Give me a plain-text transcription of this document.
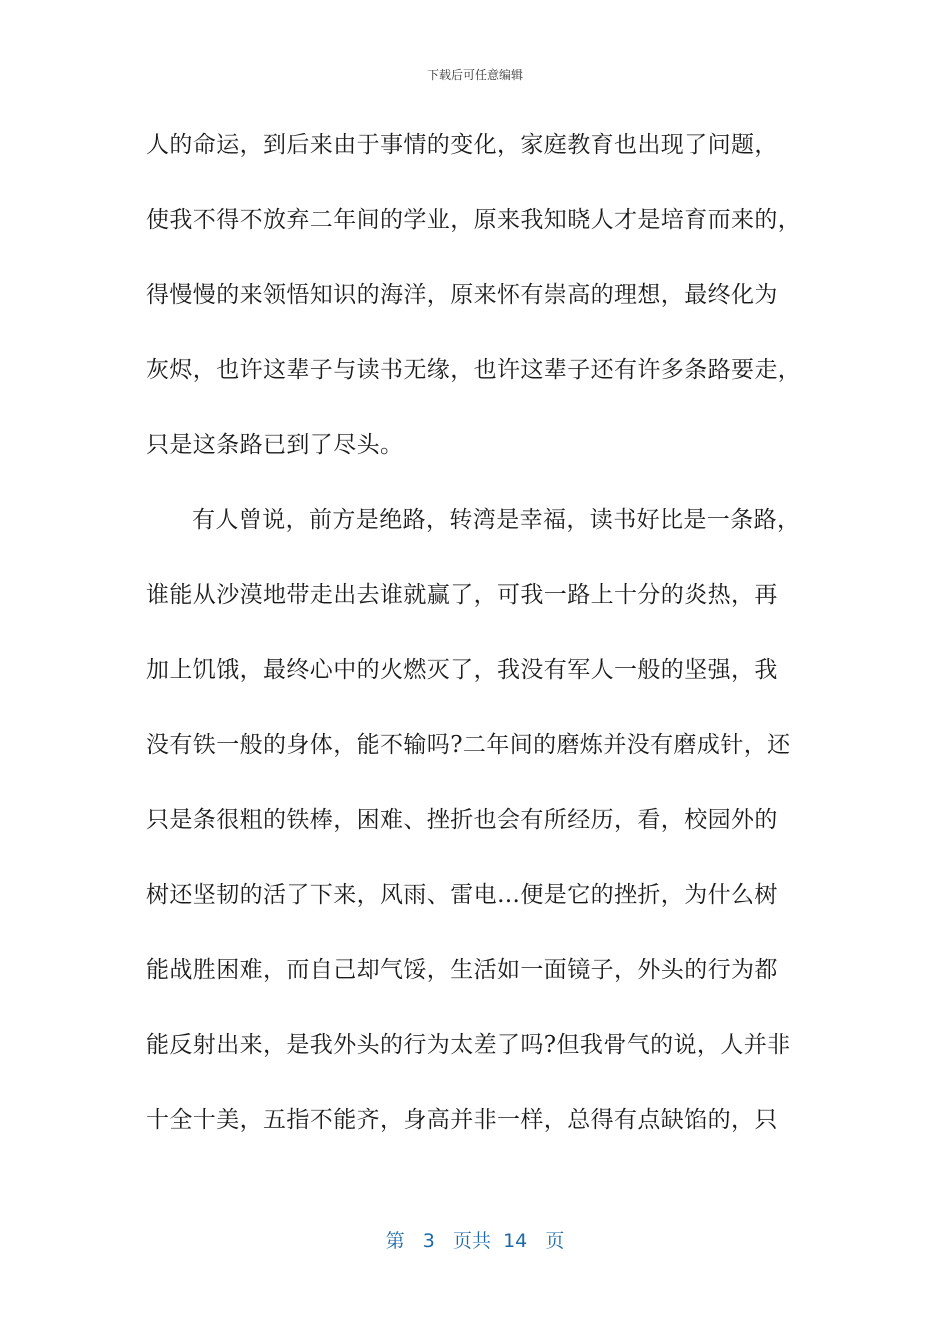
下载后可任意编辑
人的命运，到后来由于事情的变化，家庭教育也出现了问题，
使我不得不放弃二年间的学业，原来我知晓人才是培育而来的，
得慢慢的来领悟知识的海洋，原来怀有崇高的理想，最终化为
灰烬，也许这辈子与读书无缘，也许这辈子还有许多条路要走，
只是这条路已到了尽头。
有人曾说，前方是绝路，转湾是幸福，读书好比是一条路，
谁能从沙漠地带走出去谁就赢了，可我一路上十分的炎热，再
加上饥饿，最终心中的火燃灭了，我没有军人一般的坚强，我
没有铁一般的身体，能不输吗?二年间的磨炼并没有磨成针，还
只是条很粗的铁棒，困难、挫折也会有所经历，看，校园外的
树还坚韧的活了下来，风雨、雷电…便是它的挫折，为什么树
能战胜困难，而自己却气馁，生活如一面镜子，外头的行为都
能反射出来，是我外头的行为太差了吗?但我骨气的说，人并非
十全十美，五指不能齐，身高并非一样，总得有点缺馅的，只
第 3 页共 14 页
